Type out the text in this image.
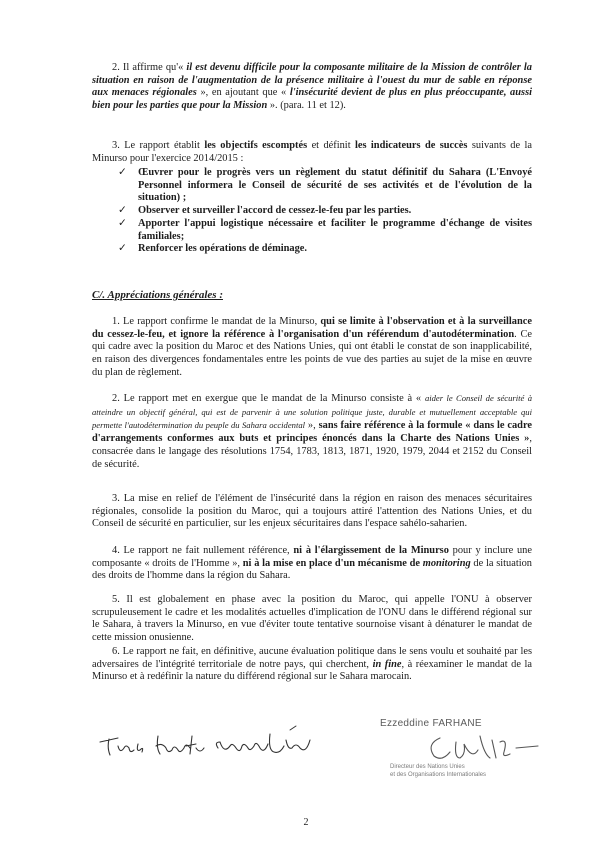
2. Il affirme qu'« il est devenu difficile pour la composante militaire de la Mission de contrôler la situation en raison de l'augmentation de la présence militaire à l'ouest du mur de sable en réponse aux menaces régionales », en ajoutant que « l'insécurité devient de plus en plus préoccupante, aussi bien pour les parties que pour la Mission ». (para. 11 et 12).

3. Le rapport établit les objectifs escomptés et définit les indicateurs de succès suivants de la Minurso pour l'exercice 2014/2015 :

✓ Œuvrer pour le progrès vers un règlement du statut définitif du Sahara (L'Envoyé Personnel informera le Conseil de sécurité de ses activités et de l'évolution de la situation) ;
✓ Observer et surveiller l'accord de cessez-le-feu par les parties.
✓ Apporter l'appui logistique nécessaire et faciliter le programme d'échange de visites familiales;
✓ Renforcer les opérations de déminage.
C/. Appréciations générales :

1. Le rapport confirme le mandat de la Minurso, qui se limite à l'observation et à la surveillance du cessez-le-feu, et ignore la référence à l'organisation d'un référendum d'autodétermination. Ce qui cadre avec la position du Maroc et des Nations Unies, qui ont établi le constat de son inapplicabilité, en raison des divergences fondamentales entre les points de vue des parties au sujet de la mise en œuvre du plan de règlement.

2. Le rapport met en exergue que le mandat de la Minurso consiste à « aider le Conseil de sécurité à atteindre un objectif général, qui est de parvenir à une solution politique juste, durable et mutuellement acceptable qui permette l'autodétermination du peuple du Sahara occidental », sans faire référence à la formule « dans le cadre d'arrangements conformes aux buts et principes énoncés dans la Charte des Nations Unies », consacrée dans le langage des résolutions 1754, 1783, 1813, 1871, 1920, 1979, 2044 et 2152 du Conseil de sécurité.

3. La mise en relief de l'élément de l'insécurité dans la région en raison des menaces sécuritaires régionales, consolide la position du Maroc, qui a toujours attiré l'attention des Nations Unies, et du Conseil de sécurité en particulier, sur les enjeux sécuritaires dans l'espace sahélo-saharien.

4. Le rapport ne fait nullement référence, ni à l'élargissement de la Minurso pour y inclure une composante « droits de l'Homme », ni à la mise en place d'un mécanisme de monitoring de la situation des droits de l'homme dans la région du Sahara.

5. Il est globalement en phase avec la position du Maroc, qui appelle l'ONU à observer scrupuleusement le cadre et les modalités actuelles d'implication de l'ONU dans le différend régional sur le Sahara, à travers la Minurso, en vue d'éviter toute tentative sournoise visant à dénaturer le mandat de cette mission onusienne.

6. Le rapport ne fait, en définitive, aucune évaluation politique dans le sens voulu et souhaité par les adversaires de l'intégrité territoriale de notre pays, qui cherchent, in fine, à réexaminer le mandat de la Minurso et à redéfinir la nature du différend régional sur le Sahara marocain.

Ezzeddine FARHANE
Directeur des Nations Unies
et des Organisations Internationales
2
